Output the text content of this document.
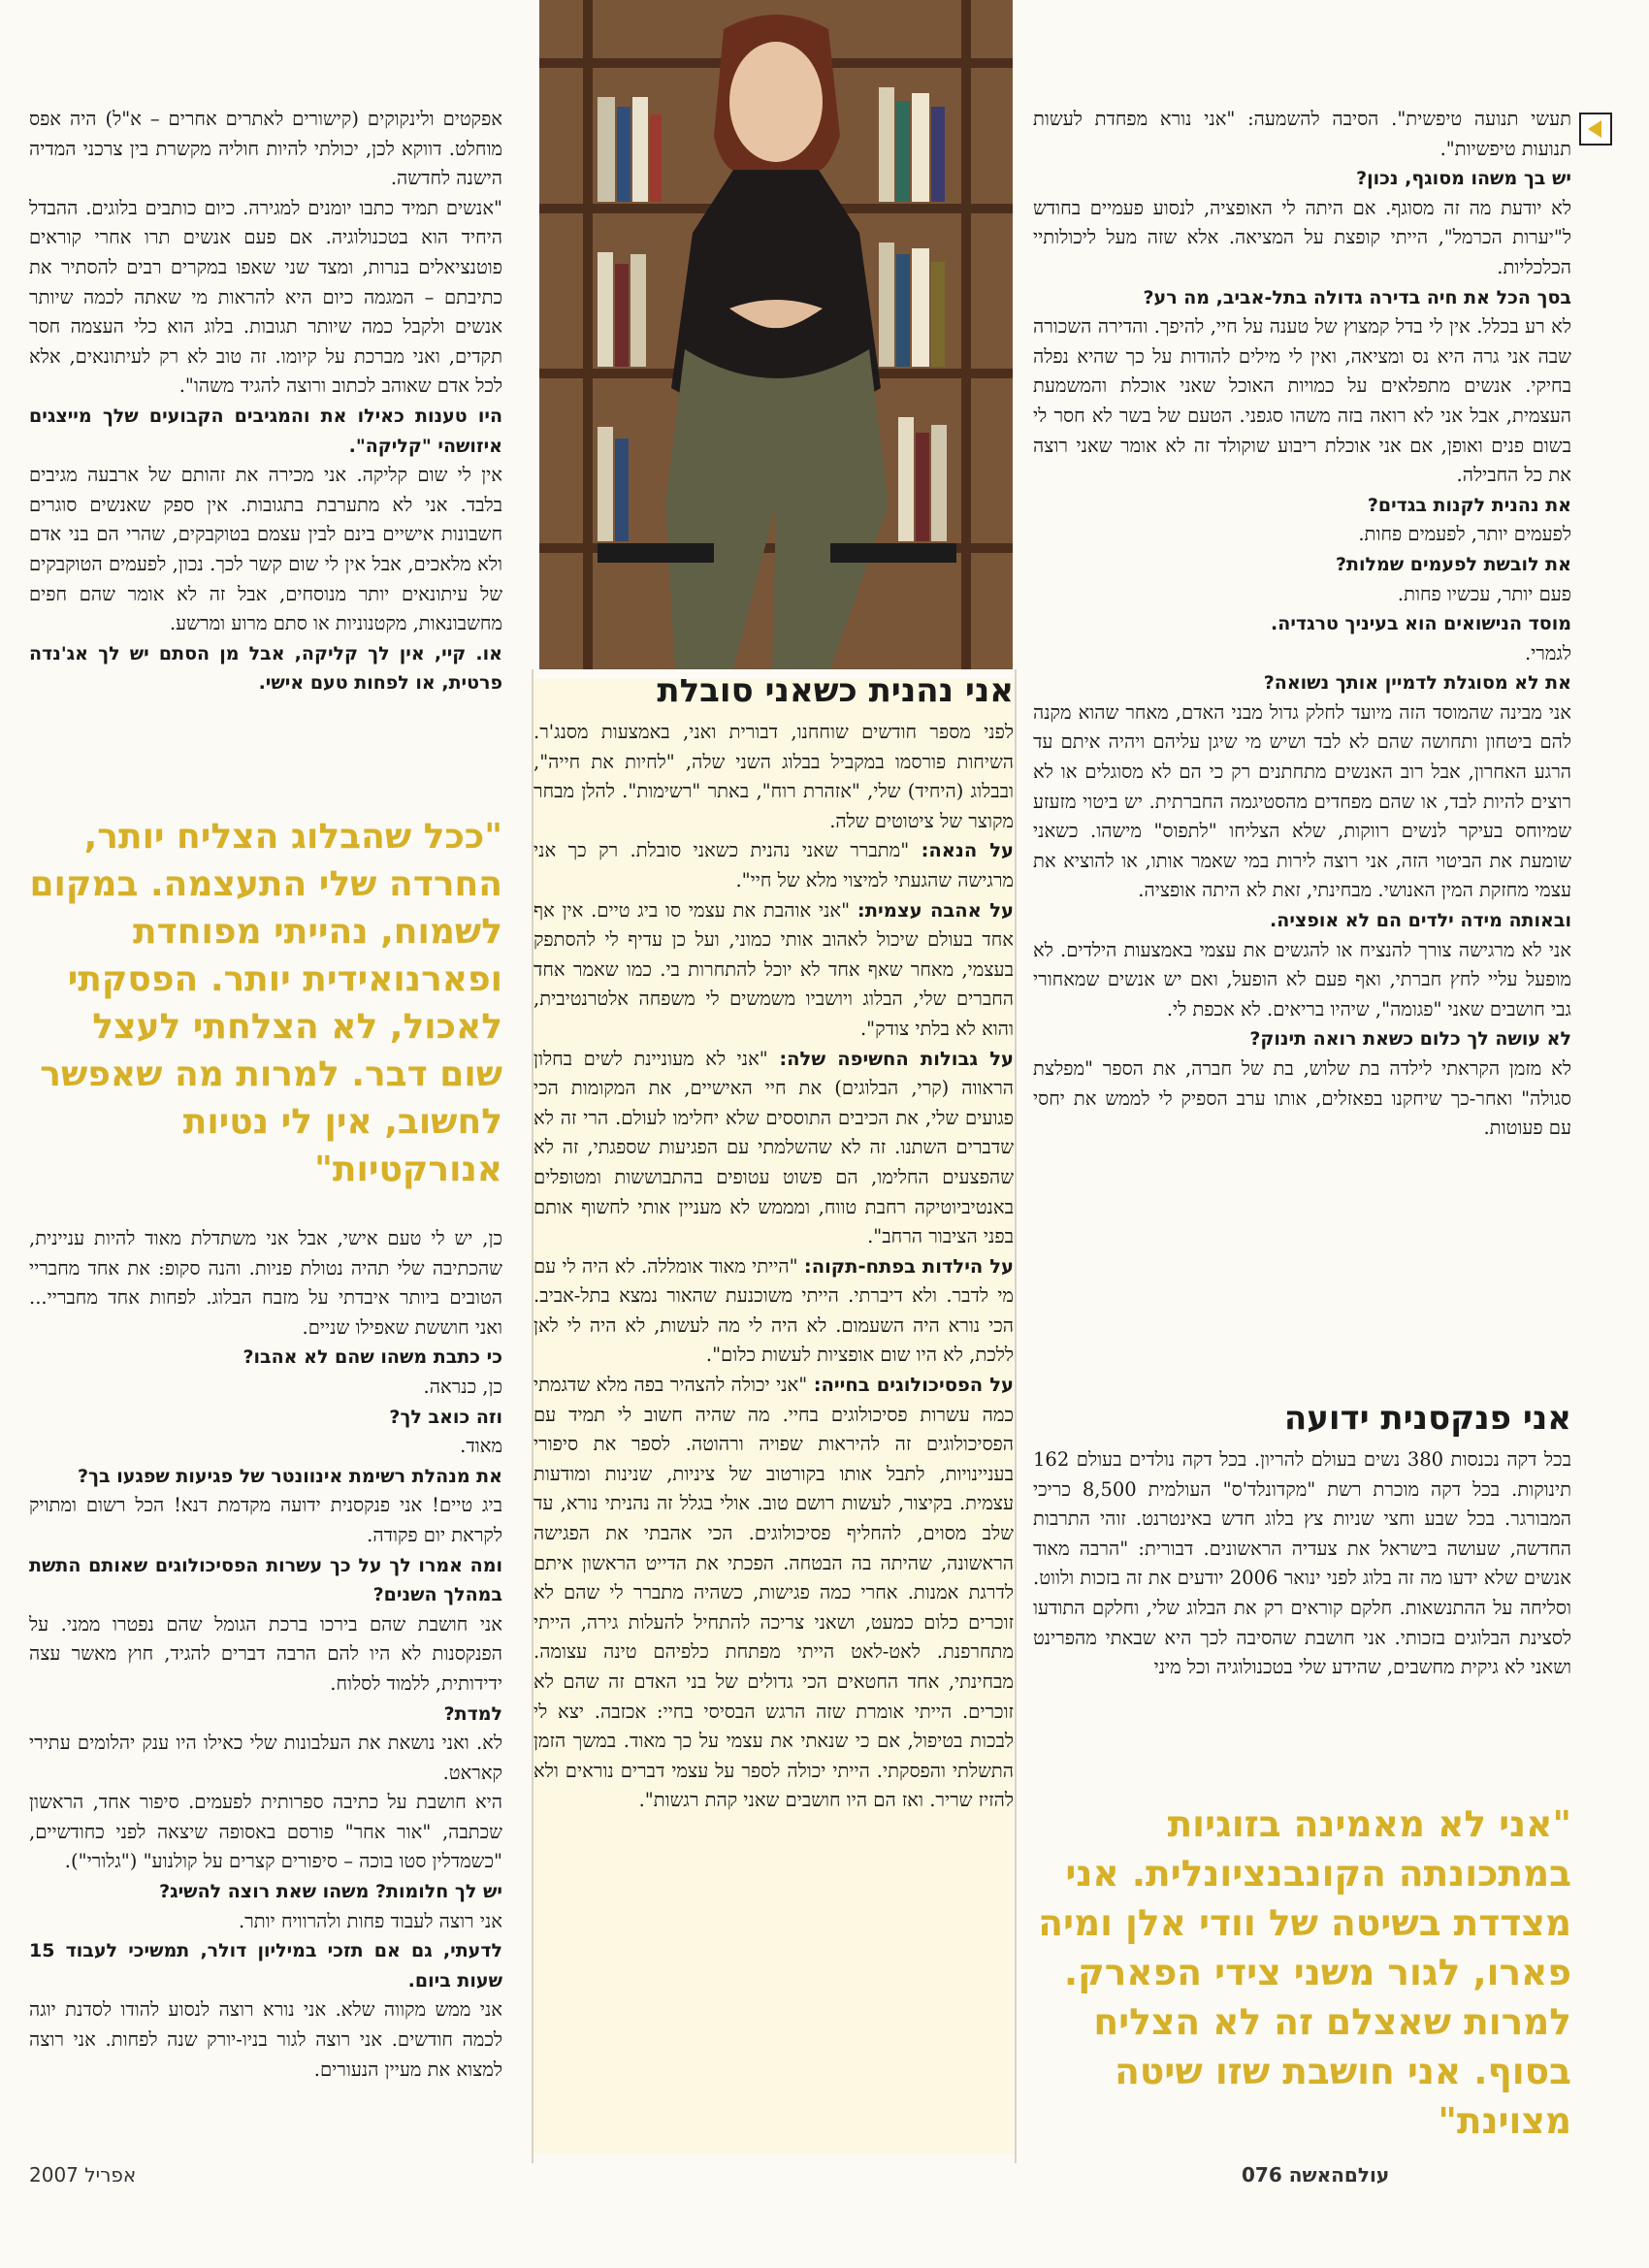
תעשי תנועה טיפשית". הסיבה להשמעה: "אני נורא מפחדת לעשות תנועות טיפשיות".

יש בך משהו מסוגף, נכון?

לא יודעת מה זה מסוגף. אם היתה לי האופציה, לנסוע פעמיים בחודש ל"יערות הכרמל", הייתי קופצת על המציאה. אלא שזה מעל ליכולותיי הכלכליות.

בסך הכל את חיה בדירה גדולה בתל-אביב, מה רע?

לא רע בכלל. אין לי בדל קמצוץ של טענה על חיי, להיפך. והדירה השכורה שבה אני גרה היא נס ומציאה, ואין לי מילים להודות על כך שהיא נפלה בחיקי. אנשים מתפלאים על כמויות האוכל שאני אוכלת והמשמעת העצמית, אבל אני לא רואה בזה משהו סגפני. הטעם של בשר לא חסר לי בשום פנים ואופן, אם אני אוכלת ריבוע שוקולד זה לא אומר שאני רוצה את כל החבילה.

את נהנית לקנות בגדים?

לפעמים יותר, לפעמים פחות.

את לובשת לפעמים שמלות?

פעם יותר, עכשיו פחות.

מוסד הנישואים הוא בעיניך טרגדיה.

לגמרי.

את לא מסוגלת לדמיין אותך נשואה?

אני מבינה שהמוסד הזה מיועד לחלק גדול מבני האדם, מאחר שהוא מקנה להם ביטחון ותחושה שהם לא לבד ושיש מי שיגן עליהם ויהיה איתם עד הרגע האחרון, אבל רוב האנשים מתחתנים רק כי הם לא מסוגלים או לא רוצים להיות לבד, או שהם מפחדים מהסטיגמה החברתית. יש ביטוי מזעזע שמיוחס בעיקר לנשים רווקות, שלא הצליחו "לתפוס" מישהו. כשאני שומעת את הביטוי הזה, אני רוצה לירות במי שאמר אותו, או להוציא את עצמי מחזקת המין האנושי. מבחינתי, זאת לא היתה אופציה.

ובאותה מידה ילדים הם לא אופציה.

אני לא מרגישה צורך להנציח או להגשים את עצמי באמצעות הילדים. לא מופעל עליי לחץ חברתי, ואף פעם לא הופעל, ואם יש אנשים שמאחורי גבי חושבים שאני "פגומה", שיהיו בריאים. לא אכפת לי.

לא עושה לך כלום כשאת רואה תינוק?

לא מזמן הקראתי לילדה בת שלוש, בת של חברה, את הספר "מפלצת סגולה" ואחר-כך שיחקנו בפאזלים, אותו ערב הספיק לי לממש את יחסי עם פעוטות.

אני פנקסנית ידועה

בכל דקה נכנסות 380 נשים בעולם להריון. בכל דקה נולדים בעולם 162 תינוקות. בכל דקה מוכרת רשת "מקדונלד'ס" העולמית 8,500 כריכי המבורגר. בכל שבע וחצי שניות צץ בלוג חדש באינטרנט. זוהי התרבות החדשה, שעושה בישראל את צעדיה הראשונים. דבורית: "הרבה מאוד אנשים שלא ידעו מה זה בלוג לפני ינואר 2006 יודעים את זה בזכות ולווט. וסליחה על ההתנשאות. חלקם קוראים רק את הבלוג שלי, וחלקם התודעו לסצינת הבלוגים בזכותי. אני חושבת שהסיבה לכך היא שבאתי מהפרינט ושאני לא גיקית מחשבים, שהידע שלי בטכנולוגיה וכל מיני

"אני לא מאמינה בזוגיות במתכונתה הקונבנציונלית. אני מצדדת בשיטה של וודי אלן ומיה פארו, לגור משני צידי הפארק. למרות שאצלם זה לא הצליח בסוף. אני חושבת שזו שיטה מצוינת"
אני נהנית כשאני סובלת

לפני מספר חודשים שוחחנו, דבורית ואני, באמצעות מסנג'ר. השיחות פורסמו במקביל בבלוג השני שלה, "לחיות את חייה", ובבלוג (היחיד) שלי, "אזהרת רוח", באתר "רשימות". להלן מבחר מקוצר של ציטוטים שלה.

על הנאה: "מתברר שאני נהנית כשאני סובלת. רק כך אני מרגישה שהגעתי למיצוי מלא של חיי".

על אהבה עצמית: "אני אוהבת את עצמי סו ביג טיים. אין אף אחד בעולם שיכול לאהוב אותי כמוני, ועל כן עדיף לי להסתפק בעצמי, מאחר שאף אחד לא יוכל להתחרות בי. כמו שאמר אחד החברים שלי, הבלוג ויושביו משמשים לי משפחה אלטרנטיבית, והוא לא בלתי צודק".

על גבולות החשיפה שלה: "אני לא מעוניינת לשים בחלון הראווה (קרי, הבלוגים) את חיי האישיים, את המקומות הכי פגועים שלי, את הכיבים התוססים שלא יחלימו לעולם. הרי זה לא שדברים השתנו. זה לא שהשלמתי עם הפגיעות שספגתי, זה לא שהפצעים החלימו, הם פשוט עטופים בהתבוששות ומטופלים באנטיביוטיקה רחבת טווח, ומממש לא מעניין אותי לחשוף אותם בפני הציבור הרחב".

על הילדות בפתח-תקוה: "הייתי מאוד אומללה. לא היה לי עם מי לדבר. ולא דיברתי. הייתי משוכנעת שהאור נמצא בתל-אביב. הכי נורא היה השעמום. לא היה לי מה לעשות, לא היה לי לאן ללכת, לא היו שום אופציות לעשות כלום".

על הפסיכולוגים בחייה: "אני יכולה להצהיר בפה מלא שדגמתי כמה עשרות פסיכולוגים בחיי. מה שהיה חשוב לי תמיד עם הפסיכולוגים זה להיראות שפויה ורהוטה. לספר את סיפורי בעניינויות, לתבל אותו בקורטוב של ציניות, שנינות ומודעות עצמית. בקיצור, לעשות רושם טוב. אולי בגלל זה נהניתי נורא, עד שלב מסוים, להחליף פסיכולוגים. הכי אהבתי את הפגישה הראשונה, שהיתה בה הבטחה. הפכתי את הדייט הראשון איתם לדרגת אמנות. אחרי כמה פגישות, כשהיה מתברר לי שהם לא זוכרים כלום כמעט, ושאני צריכה להתחיל להעלות גירה, הייתי מתחרפנת. לאט-לאט הייתי מפתחת כלפיהם טינה עצומה. מבחינתי, אחד החטאים הכי גדולים של בני האדם זה שהם לא זוכרים. הייתי אומרת שזה הרגש הבסיסי בחיי: אכזבה. יצא לי לבכות בטיפול, אם כי שנאתי את עצמי על כך מאוד. במשך הזמן התשלתי והפסקתי. הייתי יכולה לספר על עצמי דברים נוראים ולא להזיז שריר. ואז הם היו חושבים שאני קהת רגשות".

אפקטים ולינקוקים (קישורים לאתרים אחרים – א"ל) היה אפס מוחלט. דווקא לכן, יכולתי להיות חוליה מקשרת בין צרכני המדיה הישנה לחדשה.

"אנשים תמיד כתבו יומנים למגירה. כיום כותבים בלוגים. ההבדל היחיד הוא בטכנולוגיה. אם פעם אנשים תרו אחרי קוראים פוטנציאלים בנרות, ומצד שני שאפו במקרים רבים להסתיר את כתיבתם – המגמה כיום היא להראות מי שאתה לכמה שיותר אנשים ולקבל כמה שיותר תגובות. בלוג הוא כלי העצמה חסר תקדים, ואני מברכת על קיומו. זה טוב לא רק לעיתונאים, אלא לכל אדם שאוהב לכתוב ורוצה להגיד משהו".

היו טענות כאילו את והמגיבים הקבועים שלך מייצגים איזושהי "קליקה".

אין לי שום קליקה. אני מכירה את זהותם של ארבעה מגיבים בלבד. אני לא מתערבת בתגובות. אין ספק שאנשים סוגרים חשבונות אישיים בינם לבין עצמם בטוקבקים, שהרי הם בני אדם ולא מלאכים, אבל אין לי שום קשר לכך. נכון, לפעמים הטוקבקים של עיתונאים יותר מנוסחים, אבל זה לא אומר שהם חפים מחשבונאות, מקטנוניות או סתם מרוע ומרשע.

או. קיי, אין לך קליקה, אבל מן הסתם יש לך אג'נדה פרטית, או לפחות טעם אישי.

"ככל שהבלוג הצליח יותר, החרדה שלי התעצמה. במקום לשמוח, נהייתי מפוחדת ופארנואידית יותר. הפסקתי לאכול, לא הצלחתי לעצל שום דבר. למרות מה שאפשר לחשוב, אין לי נטיות אנורקטיות"

כן, יש לי טעם אישי, אבל אני משתדלת מאוד להיות עניינית, שהכתיבה שלי תהיה נטולת פניות. והנה סקופ: את אחד מחבריי הטובים ביותר איבדתי על מזבח הבלוג. לפחות אחד מחבריי... ואני חוששת שאפילו שניים.

כי כתבת משהו שהם לא אהבו?

כן, כנראה.

וזה כואב לך?

מאוד.

את מנהלת רשימת אינוונטר של פגיעות שפגעו בך?

ביג טיים! אני פנקסנית ידועה מקדמת דנא! הכל רשום ומתויק לקראת יום פקודה.

ומה אמרו לך על כך עשרות הפסיכולוגים שאותם התשת במהלך השנים?

אני חושבת שהם בירכו ברכת הגומל שהם נפטרו ממני. על הפנקסנות לא היו להם הרבה דברים להגיד, חוץ מאשר עצה ידידותית, ללמוד לסלוח.

למדת?

לא. ואני נושאת את העלבונות שלי כאילו היו ענק יהלומים עתירי קאראט.

היא חושבת על כתיבה ספרותית לפעמים. סיפור אחד, הראשון שכתבה, "אור אחר" פורסם באסופה שיצאה לפני כחודשיים, "כשמדלין סטו בוכה – סיפורים קצרים על קולנוע" ("גלורי").

יש לך חלומות? משהו שאת רוצה להשיג?

אני רוצה לעבוד פחות ולהרוויח יותר.

לדעתי, גם אם תזכי במיליון דולר, תמשיכי לעבוד 15 שעות ביום.

אני ממש מקווה שלא. אני נורא רוצה לנסוע להודו לסדנת יוגה לכמה חודשים. אני רוצה לגור בניו-יורק שנה לפחות. אני רוצה למצוא את מעיין הנעורים.

אפריל 2007	עולםהאשה 076
